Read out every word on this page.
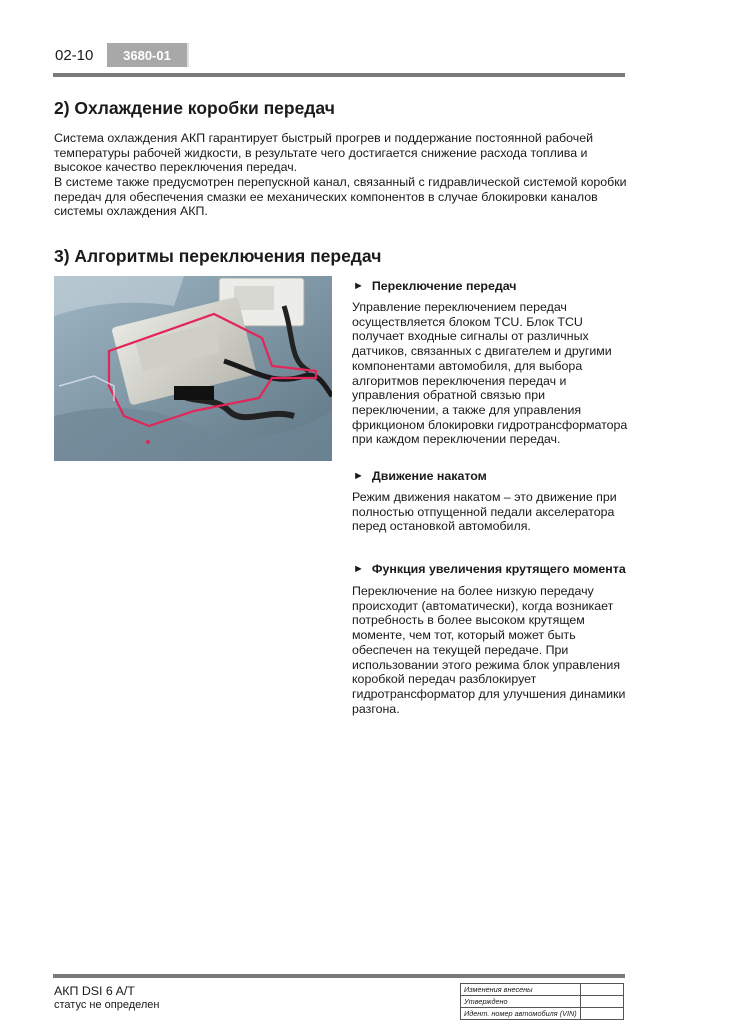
02-10	3680-01
2) Охлаждение коробки передач

Система охлаждения АКП гарантирует быстрый прогрев и поддержание постоянной рабочей температуры рабочей жидкости, в результате чего достигается снижение расхода топлива и высокое качество переключения передач.

В системе также предусмотрен перепускной канал, связанный с гидравлической системой коробки передач для обеспечения смазки ее механических компонентов в случае блокировки каналов системы охлаждения АКП.

3) Алгоритмы переключения передач
► Переключение передач

Управление переключением передач осуществляется блоком TCU. Блок TCU получает входные сигналы от различных датчиков, связанных с двигателем и другими компонентами автомобиля, для выбора алгоритмов переключения передач и управления обратной связью при переключении, а также для управления фрикционом блокировки гидротрансформатора при каждом переключении передач.

► Движение накатом

Режим движения накатом – это движение при полностью отпущенной педали акселератора перед остановкой автомобиля.

► Функция увеличения крутящего момента

Переключение на более низкую передачу происходит (автоматически), когда возникает потребность в более высоком крутящем моменте, чем тот, который может быть обеспечен на текущей передаче. При использовании этого режима блок управления коробкой передач разблокирует гидротрансформатор для улучшения динамики разгона.

АКП DSI 6 A/T
статус не определен
Изменения внесены	
Утверждено	
Идент. номер автомобиля (VIN)	
